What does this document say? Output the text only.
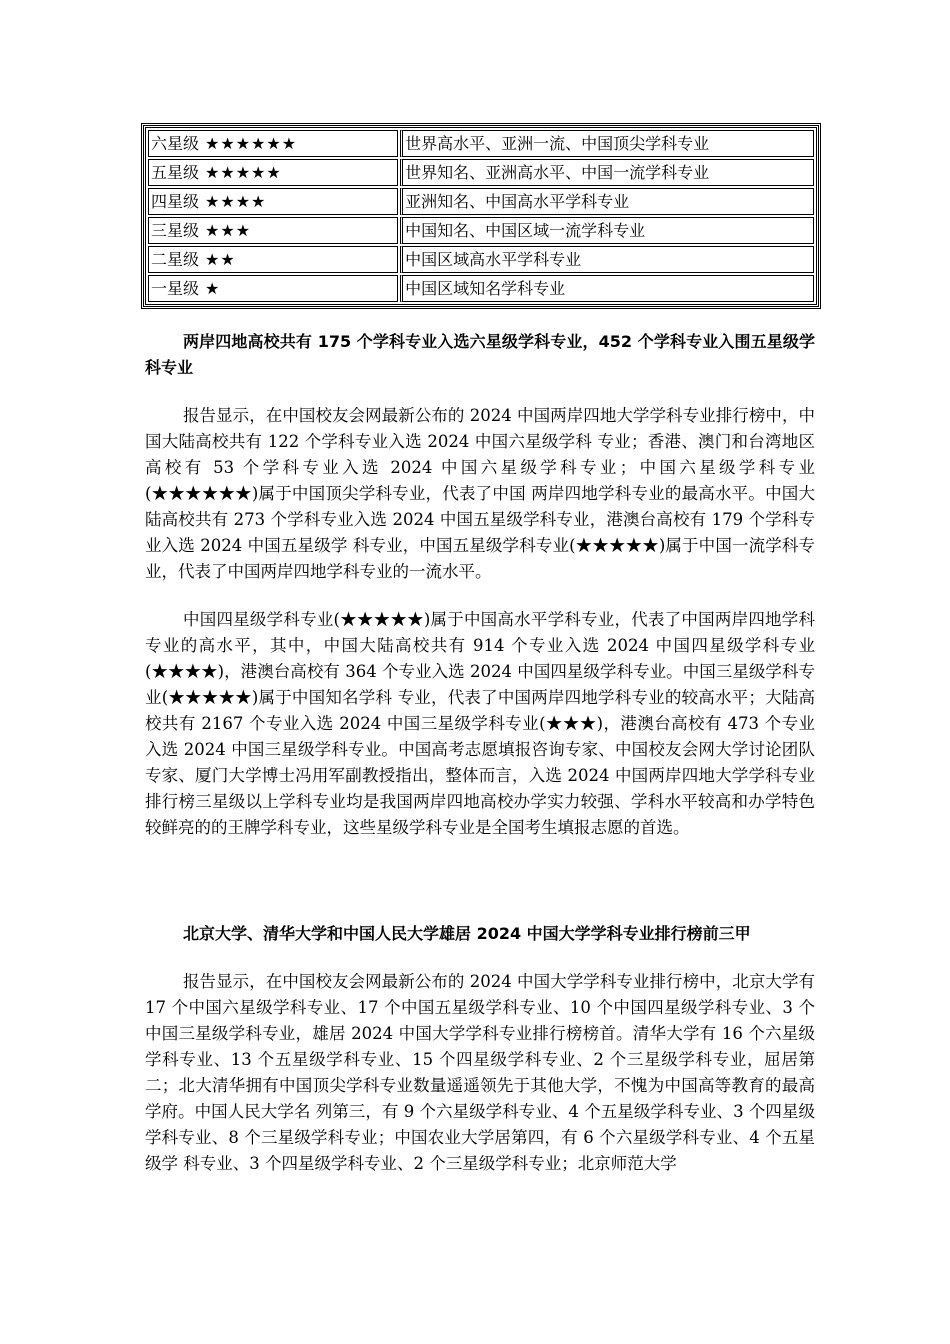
六星级 ★★★★★★	世界高水平、亚洲一流、中国顶尖学科专业
五星级 ★★★★★	世界知名、亚洲高水平、中国一流学科专业
四星级 ★★★★	亚洲知名、中国高水平学科专业
三星级 ★★★	中国知名、中国区域一流学科专业
二星级 ★★	中国区域高水平学科专业
一星级 ★	中国区域知名学科专业

两岸四地高校共有 175 个学科专业入选六星级学科专业，452 个学科专业入围五星级学科专业

报告显示，在中国校友会网最新公布的 2024 中国两岸四地大学学科专业排行榜中，中国大陆高校共有 122 个学科专业入选 2024 中国六星级学科 专业；香港、澳门和台湾地区高校有 53 个学科专业入选 2024 中国六星级学科专业；中国六星级学科专业(★★★★★★)属于中国顶尖学科专业，代表了中国 两岸四地学科专业的最高水平。中国大陆高校共有 273 个学科专业入选 2024 中国五星级学科专业，港澳台高校有 179 个学科专业入选 2024 中国五星级学 科专业，中国五星级学科专业(★★★★★)属于中国一流学科专业，代表了中国两岸四地学科专业的一流水平。

中国四星级学科专业(★★★★★)属于中国高水平学科专业，代表了中国两岸四地学科专业的高水平，其中，中国大陆高校共有 914 个专业入选 2024 中国四星级学科专业(★★★★)，港澳台高校有 364 个专业入选 2024 中国四星级学科专业。中国三星级学科专业(★★★★★)属于中国知名学科 专业，代表了中国两岸四地学科专业的较高水平；大陆高校共有 2167 个专业入选 2024 中国三星级学科专业(★★★)，港澳台高校有 473 个专业入选 2024 中国三星级学科专业。中国高考志愿填报咨询专家、中国校友会网大学讨论团队专家、厦门大学博士冯用军副教授指出，整体而言，入选 2024 中国两岸四地大学学科专业排行榜三星级以上学科专业均是我国两岸四地高校办学实力较强、学科水平较高和办学特色较鲜亮的的王牌学科专业，这些星级学科专业是全国考生填报志愿的首选。

北京大学、清华大学和中国人民大学雄居 2024 中国大学学科专业排行榜前三甲

报告显示，在中国校友会网最新公布的 2024 中国大学学科专业排行榜中，北京大学有 17 个中国六星级学科专业、17 个中国五星级学科专业、10 个中国四星级学科专业、3 个中国三星级学科专业，雄居 2024 中国大学学科专业排行榜榜首。清华大学有 16 个六星级学科专业、13 个五星级学科专业、15 个四星级学科专业、2 个三星级学科专业，屈居第二；北大清华拥有中国顶尖学科专业数量遥遥领先于其他大学，不愧为中国高等教育的最高学府。中国人民大学名 列第三，有 9 个六星级学科专业、4 个五星级学科专业、3 个四星级学科专业、8 个三星级学科专业；中国农业大学居第四，有 6 个六星级学科专业、4 个五星级学 科专业、3 个四星级学科专业、2 个三星级学科专业；北京师范大学
